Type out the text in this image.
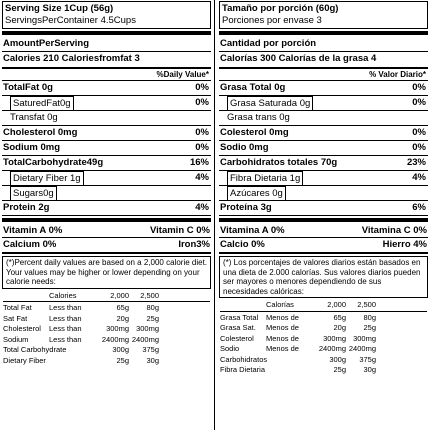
Serving Size 1Cup (56g)
ServingsPerContainer 4.5Cups
AmountPerServing
Calories 210 Caloriesfromfat 3
%Daily Value*
TotalFat 0g	0%
SaturedFat0g	0%
Transfat 0g
Cholesterol 0mg	0%
Sodium 0mg	0%
TotalCarbohydrate49g	16%
Dietary Fiber 1g	4%
Sugars0g
Protein 2g	4%
Vitamin A 0%	Vitamin C 0%
Calcium 0%	Iron3%
(*)Percent daily values are based on a 2,000 calorie diet. Your values may be higher or lower depending on your calorie needs:
Calories	2,000	2,500
Total Fat	Less than	65g	80g
Sat Fat	Less than	20g	25g
Cholesterol	Less than	300mg 300mg
Sodium	Less than	2400mg 2400mg
Total Carbohydrate	300g	375g
Dietary Fiber	25g	30g
Tamaño por porción (60g)
Porciones por envase 3
Cantidad por porción
Calorías 300 Calorías de la grasa 4
% Valor Diario*
Grasa Total 0g	0%
Grasa Saturada 0g	0%
Grasa trans 0g
Colesterol 0mg	0%
Sodio 0mg	0%
Carbohidratos totales 70g	23%
Fibra Dietaria 1g	4%
Azúcares 0g
Proteína 3g	6%
Vitamina A 0%	Vitamina C 0%
Calcio 0%	Hierro 4%
(*) Los porcentajes de valores diarios están basados en una dieta de 2.000 calorías. Sus valores diarios pueden ser mayores o menores dependiendo de sus necesidades calóricas:
Calorías	2,000	2,500
Grasa Total	Menos de	65g	80g
Grasa Sat.	Menos de	20g	25g
Colesterol	Menos de	300mg 300mg
Sodio	Menos de	2400mg 2400mg
Carbohidratos	300g	375g
Fibra Dietaria	25g	30g
